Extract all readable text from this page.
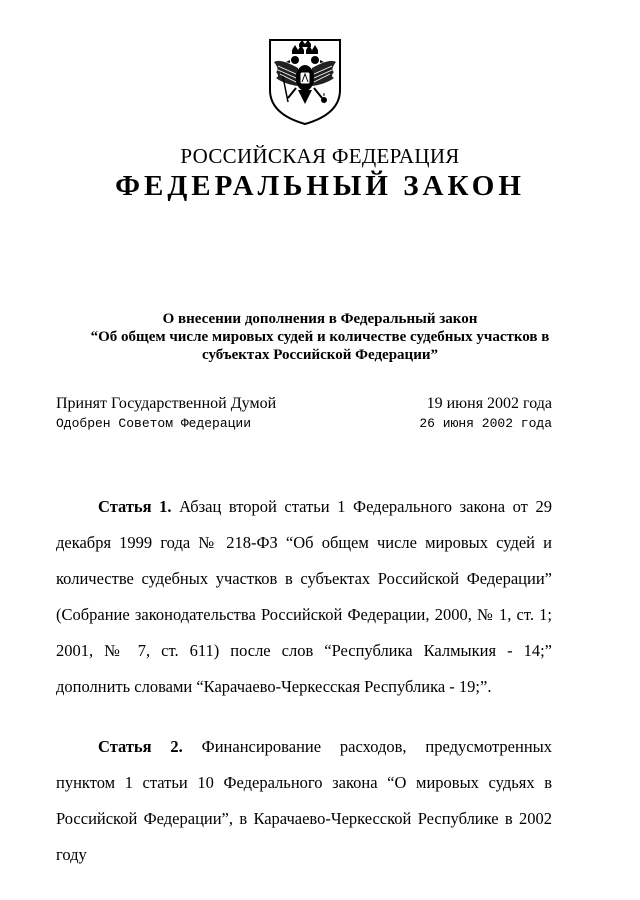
РОССИЙСКАЯ ФЕДЕРАЦИЯ
ФЕДЕРАЛЬНЫЙ ЗАКОН
О внесении дополнения в Федеральный закон
“Об общем числе мировых судей и количестве судебных участков в
субъектах Российской Федерации”
Принят Государственной Думой	19 июня 2002 года
Одобрен Советом Федерации	26 июня 2002 года

Статья 1. Абзац второй статьи 1 Федерального закона от 29 декабря 1999 года № 218-ФЗ “Об общем числе мировых судей и количестве судебных участков в субъектах Российской Федерации” (Собрание законодательства Российской Федерации, 2000, № 1, ст. 1; 2001, № 7, ст. 611) после слов “Республика Калмыкия - 14;” дополнить словами “Карачаево-Черкесская Республика - 19;”.

Статья 2. Финансирование расходов, предусмотренных пунктом 1 статьи 10 Федерального закона “О мировых судьях в Российской Федерации”, в Карачаево-Черкесской Республике в 2002 году
